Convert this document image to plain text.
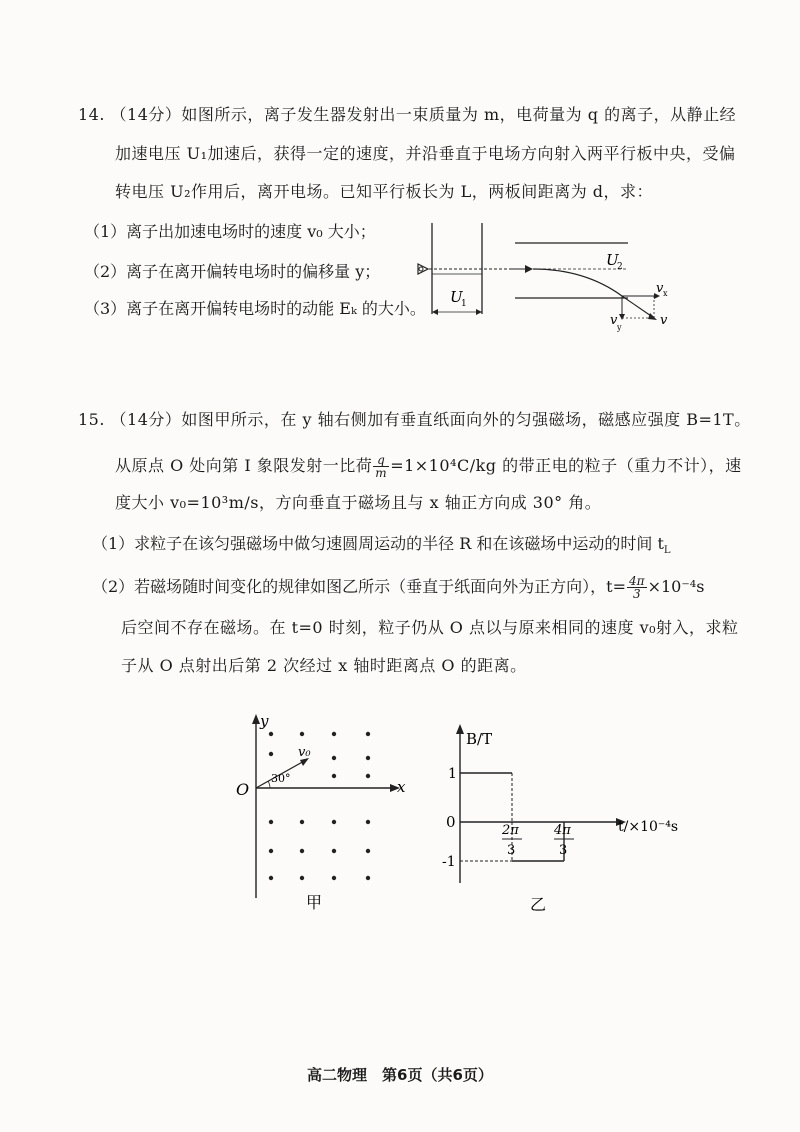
14. （14分）如图所示，离子发生器发射出一束质量为 m，电荷量为 q 的离子，从静止经
加速电压 U₁加速后，获得一定的速度，并沿垂直于电场方向射入两平行板中央，受偏
转电压 U₂作用后，离开电场。已知平行板长为 L，两板间距离为 d，求：
（1）离子出加速电场时的速度 v₀ 大小；
（2）离子在离开偏转电场时的偏移量 y；
（3）离子在离开偏转电场时的动能 Eₖ 的大小。
U
1
U
2
v x
v y	v
15. （14分）如图甲所示，在 y 轴右侧加有垂直纸面向外的匀强磁场，磁感应强度 B=1T。
从原点 O 处向第 I 象限发射一比荷 $\frac{q}{m} =1\times 10^4C/kg$ 的带正电的粒子（重力不计），速
度大小 v₀=10³m/s，方向垂直于磁场且与 x 轴正方向成 30° 角。
（1）求粒子在该匀强磁场中做匀速圆周运动的半径 R 和在该磁场中运动的时间 $t_L$
（2）若磁场随时间变化的规律如图乙所示（垂直于纸面向外为正方向），$t= \frac{4\pi}{3} \times 10^{-4}s$
后空间不存在磁场。在 t=0 时刻，粒子仍从 O 点以与原来相同的速度 v₀射入，求粒
子从 O 点射出后第 2 次经过 x 轴时距离点 O 的距离。
y
x
O
v₀
30°
甲
B/T
t/×10⁻⁴s
0
1
-1
2π
3
4π
3
乙
高二物理　第6页（共6页）
